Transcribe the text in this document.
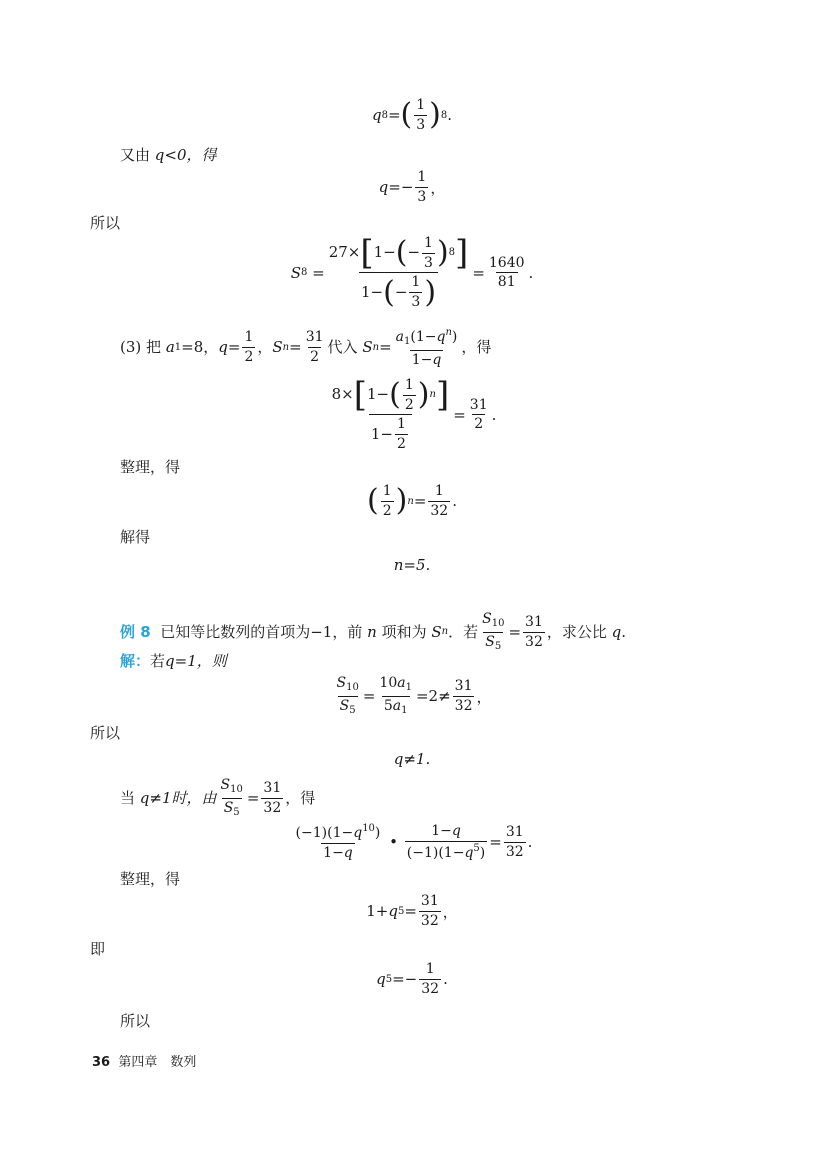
q 8 = ( $\frac{1}{3}$ ) 8 .
又由 q<0，得
$q =- \frac{1}{3}$ ，
所以
S $8 = \frac{27\times [ 1- ( - \frac{1}{3} ) 8 ]}{1- ( - \frac{1}{3} )} = \frac{1640}{81}$ .
(3) 把
a 1 =8， $q = \frac{1}{2}$ ， S $n = \frac{31}{2}$ 代入
S $n = \frac{a_1(1-q^n)}{1-q}$ ，得
$\frac{8\times [ 1- ( \frac{1}{2} ) n ]}{1- \frac{1}{2}} = \frac{31}{2}$ .
整理，得
( $\frac{1}{2}$ ) $n = \frac{1}{32}$ .
解得
n=5.
例 8
已知等比数列的首项为−1，前
n
项和为
S n ．若 $\frac{S_{10}}{S_5} = \frac{31}{32}$ ，求公比
q .
解：若q=1，则
$\frac{S_{10}}{S_5} = \frac{10a_1}{5a_1} =2\ne \frac{31}{32}$ ，
所以
q≠1.
当
q≠1时，由 $\frac{S_{10}}{S_5} = \frac{31}{32}$ ，得
$\frac{(-1)(1-q^{10})}{1-q}$ • $\frac{1-q}{(-1)(1-q^5)} = \frac{31}{32}$ .
整理，得
1+ q $5 = \frac{31}{32}$ ，
即
q $5 =- \frac{1}{32}$ .
所以
36 第四章　数列
